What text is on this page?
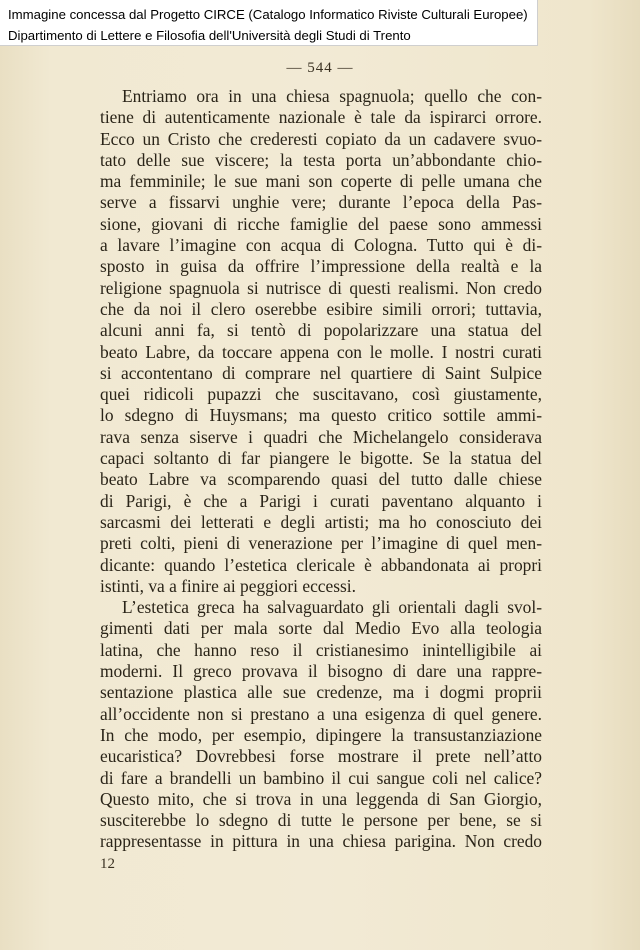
Immagine concessa dal Progetto CIRCE (Catalogo Informatico Riviste Culturali Europee)
Dipartimento di Lettere e Filosofia dell'Università degli Studi di Trento
— 544 —
Entriamo ora in una chiesa spagnuola; quello che con-
tiene di autenticamente nazionale è tale da ispirarci orrore.
Ecco un Cristo che crederesti copiato da un cadavere svuo-
tato delle sue viscere; la testa porta un’abbondante chio-
ma femminile; le sue mani son coperte di pelle umana che
serve a fissarvi unghie vere; durante l’epoca della Pas-
sione, giovani di ricche famiglie del paese sono ammessi
a lavare l’imagine con acqua di Cologna. Tutto qui è di-
sposto in guisa da offrire l’impressione della realtà e la
religione spagnuola si nutrisce di questi realismi. Non credo
che da noi il clero oserebbe esibire simili orrori; tuttavia,
alcuni anni fa, si tentò di popolarizzare una statua del
beato Labre, da toccare appena con le molle. I nostri curati
si accontentano di comprare nel quartiere di Saint Sulpice
quei ridicoli pupazzi che suscitavano, così giustamente,
lo sdegno di Huysmans; ma questo critico sottile ammi-
rava senza siserve i quadri che Michelangelo considerava
capaci soltanto di far piangere le bigotte. Se la statua del
beato Labre va scomparendo quasi del tutto dalle chiese
di Parigi, è che a Parigi i curati paventano alquanto i
sarcasmi dei letterati e degli artisti; ma ho conosciuto dei
preti colti, pieni di venerazione per l’imagine di quel men-
dicante: quando l’estetica clericale è abbandonata ai propri
istinti, va a finire ai peggiori eccessi.
L’estetica greca ha salvaguardato gli orientali dagli svol-
gimenti dati per mala sorte dal Medio Evo alla teologia
latina, che hanno reso il cristianesimo inintelligibile ai
moderni. Il greco provava il bisogno di dare una rappre-
sentazione plastica alle sue credenze, ma i dogmi proprii
all’occidente non si prestano a una esigenza di quel genere.
In che modo, per esempio, dipingere la transustanziazione
eucaristica? Dovrebbesi forse mostrare il prete nell’atto
di fare a brandelli un bambino il cui sangue coli nel calice?
Questo mito, che si trova in una leggenda di San Giorgio,
susciterebbe lo sdegno di tutte le persone per bene, se si
rappresentasse in pittura in una chiesa parigina. Non credo
12
